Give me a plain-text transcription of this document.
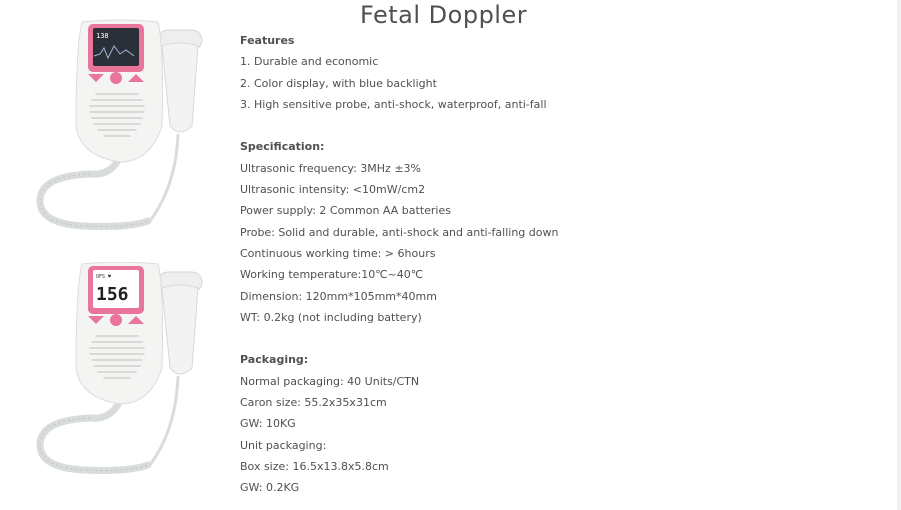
138
OFS ♥
156
Fetal Doppler
Features
1. Durable and economic
2. Color display, with blue backlight
3. High sensitive probe, anti-shock, waterproof, anti-fall
Specification:
Ultrasonic frequency: 3MHz ±3%
Ultrasonic intensity: <10mW/cm2
Power supply: 2 Common AA batteries
Probe: Solid and durable, anti-shock and anti-falling down
Continuous working time: > 6hours
Working temperature:10℃~40℃
Dimension: 120mm*105mm*40mm
WT: 0.2kg (not including battery)
Packaging:
Normal packaging: 40 Units/CTN
Caron size: 55.2x35x31cm
GW: 10KG
Unit packaging:
Box size: 16.5x13.8x5.8cm
GW: 0.2KG
